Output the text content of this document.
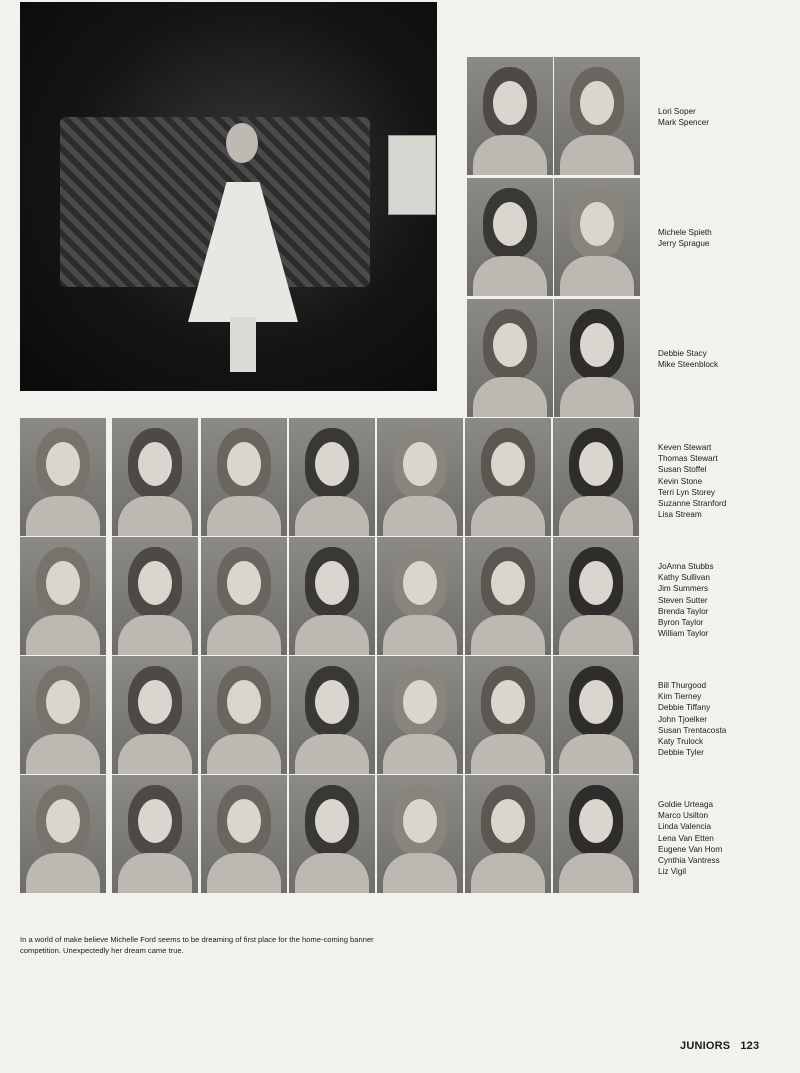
Lori Soper
Mark Spencer
Michele Spieth
Jerry Sprague
Debbie Stacy
Mike Steenblock
Keven Stewart
Thomas Stewart
Susan Stoffel
Kevin Stone
Terri Lyn Storey
Suzanne Stranford
Lisa Stream
JoAnna Stubbs
Kathy Sullivan
Jim Summers
Steven Sutter
Brenda Taylor
Byron Taylor
William Taylor
Bill Thurgood
Kim Tierney
Debbie Tiffany
John Tjoelker
Susan Trentacosta
Katy Trulock
Debbie Tyler
Goldie Urteaga
Marco Usilton
Linda Valencia
Lena Van Etten
Eugene Van Horn
Cynthia Vantress
Liz Vigil

In a world of make believe Michelle Ford seems to be dreaming of first place for the home-coming banner competition. Unexpectedly her dream came true.

JUNIORS 123
